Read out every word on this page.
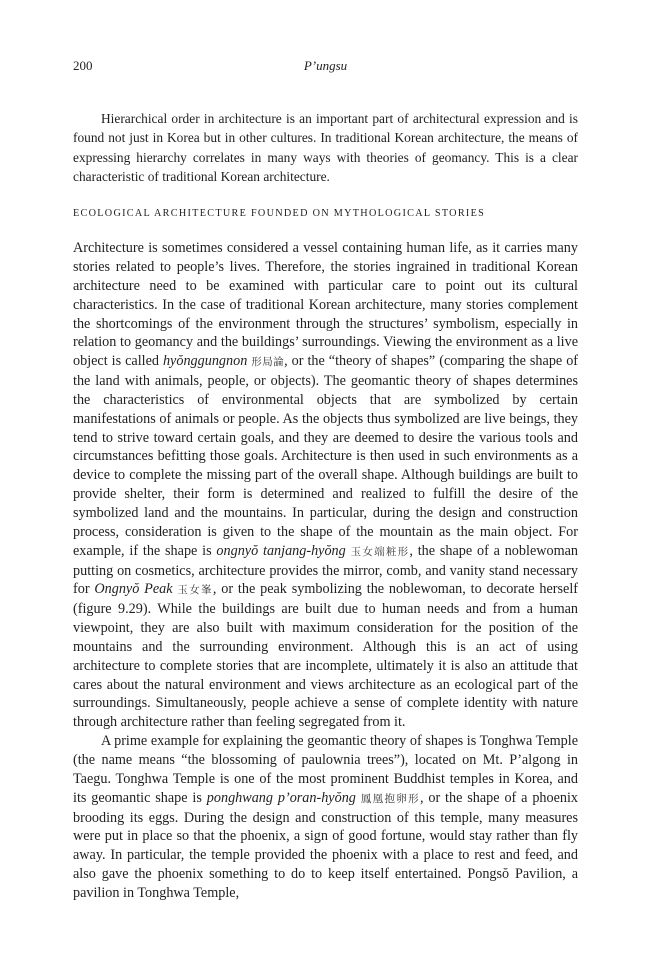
200	P’ungsu

Hierarchical order in architecture is an important part of architectural expression and is found not just in Korea but in other cultures. In traditional Korean architecture, the means of expressing hierarchy correlates in many ways with theories of geomancy. This is a clear characteristic of traditional Korean architecture.

ECOLOGICAL ARCHITECTURE FOUNDED ON MYTHOLOGICAL STORIES

Architecture is sometimes considered a vessel containing human life, as it carries many stories related to people’s lives. Therefore, the stories ingrained in traditional Korean architecture need to be examined with particular care to point out its cultural characteristics. In the case of traditional Korean architecture, many stories complement the shortcomings of the environment through the structures’ symbolism, especially in relation to geomancy and the buildings’ surroundings. Viewing the environment as a live object is called hyŏnggungnon 形局論, or the “theory of shapes” (comparing the shape of the land with animals, people, or objects). The geomantic theory of shapes determines the characteristics of environmental objects that are symbolized by certain manifestations of animals or people. As the objects thus symbolized are live beings, they tend to strive toward certain goals, and they are deemed to desire the various tools and circumstances befitting those goals. Architecture is then used in such environments as a device to complete the missing part of the overall shape. Although buildings are built to provide shelter, their form is determined and realized to fulfill the desire of the symbolized land and the mountains. In particular, during the design and construction process, consideration is given to the shape of the mountain as the main object. For example, if the shape is ongnyŏ tanjang-hyŏng 玉女端粧形, the shape of a noblewoman putting on cosmetics, architecture provides the mirror, comb, and vanity stand necessary for Ongnyŏ Peak 玉女峯, or the peak symbolizing the noblewoman, to decorate herself (figure 9.29). While the buildings are built due to human needs and from a human viewpoint, they are also built with maximum consideration for the position of the mountains and the surrounding environment. Although this is an act of using architecture to complete stories that are incomplete, ultimately it is also an attitude that cares about the natural environment and views architecture as an ecological part of the surroundings. Simultaneously, people achieve a sense of complete identity with nature through architecture rather than feeling segregated from it.

A prime example for explaining the geomantic theory of shapes is Tonghwa Temple (the name means “the blossoming of paulownia trees”), located on Mt. P’algong in Taegu. Tonghwa Temple is one of the most prominent Buddhist temples in Korea, and its geomantic shape is ponghwang p’oran-hyŏng 鳳凰抱卵形, or the shape of a phoenix brooding its eggs. During the design and construction of this temple, many measures were put in place so that the phoenix, a sign of good fortune, would stay rather than fly away. In particular, the temple provided the phoenix with a place to rest and feed, and also gave the phoenix something to do to keep itself entertained. Pongsŏ Pavilion, a pavilion in Tonghwa Temple,
